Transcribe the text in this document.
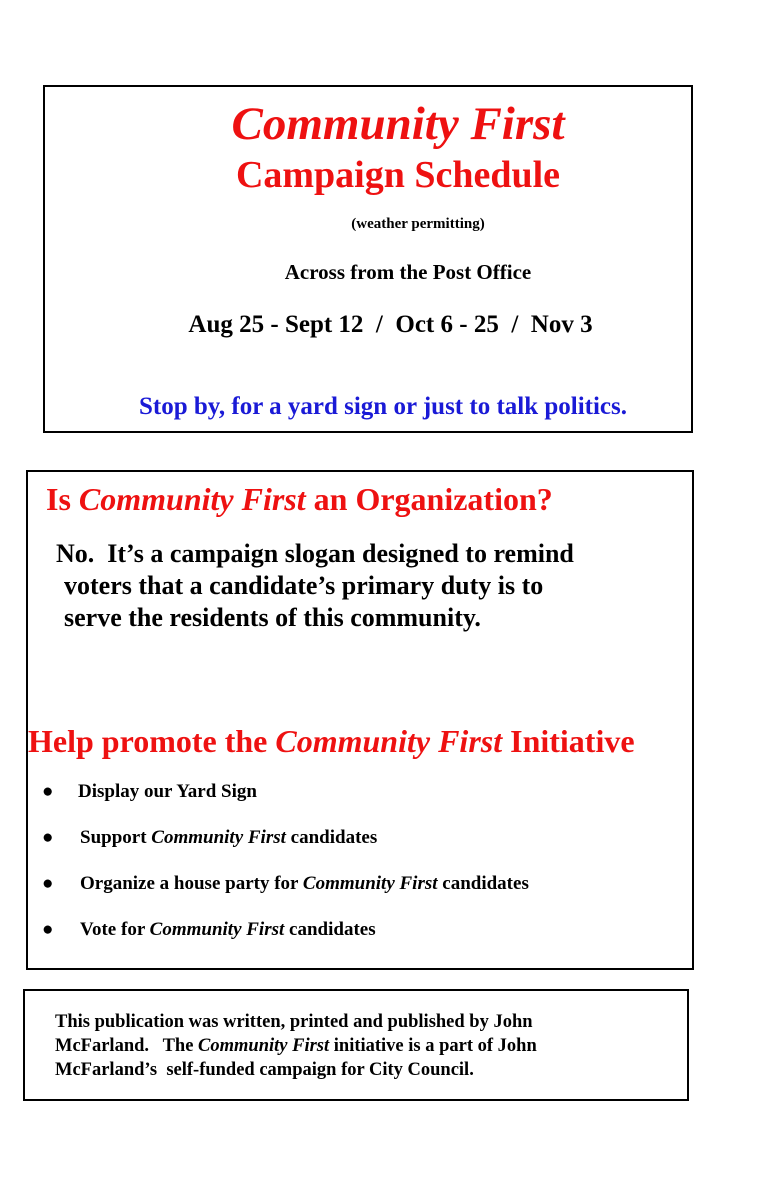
Community First
Campaign Schedule
(weather permitting)
Across from the Post Office
Aug 25 - Sept 12  /  Oct 6 - 25  /  Nov 3
Stop by, for a yard sign or just to talk politics.
Is Community First an Organization?
No.  It’s a campaign slogan designed to remind
voters that a candidate’s primary duty is to
serve the residents of this community.
Help promote the Community First Initiative
● Display our Yard Sign
● Support Community First candidates
● Organize a house party for Community First candidates
● Vote for Community First candidates
This publication was written, printed and published by John
McFarland.   The Community First initiative is a part of John
McFarland’s  self-funded campaign for City Council.
